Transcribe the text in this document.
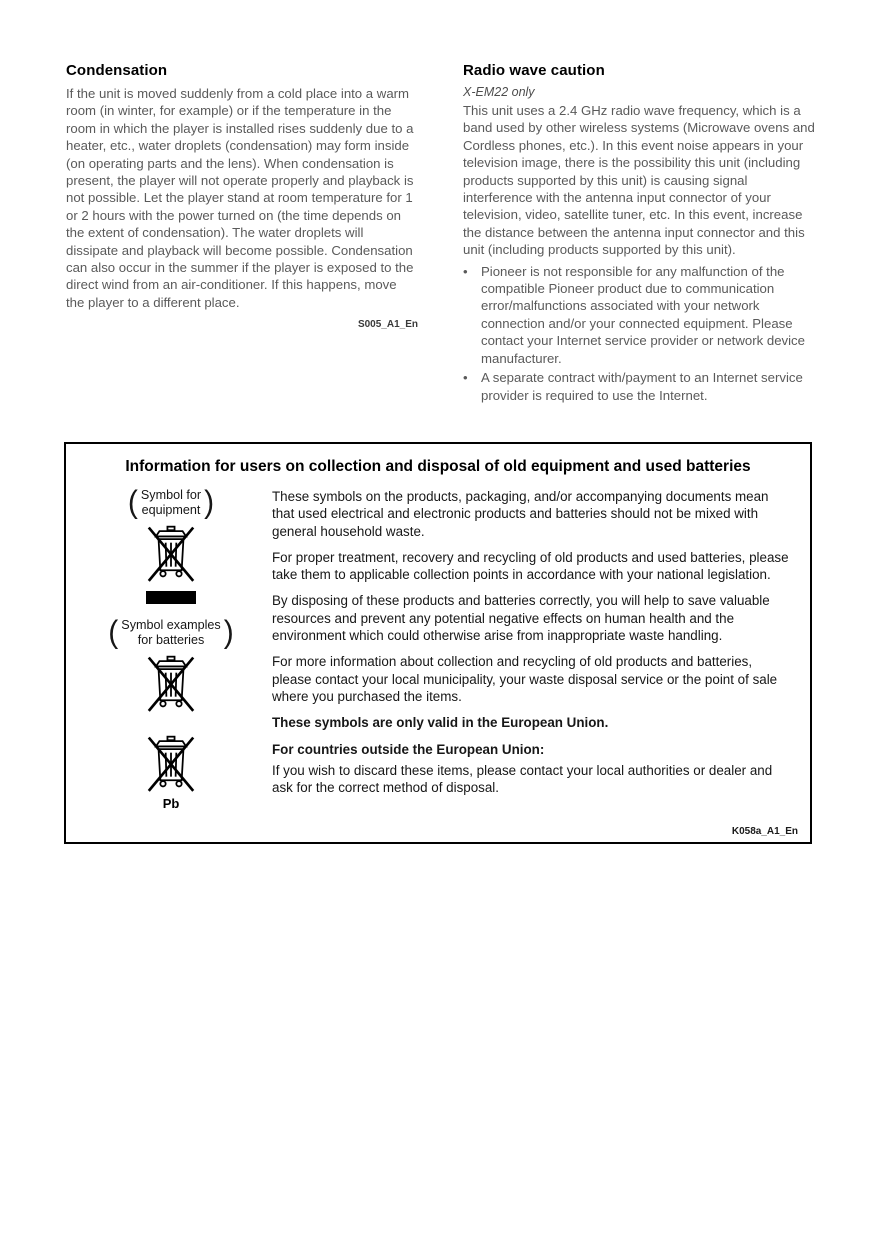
Condensation

If the unit is moved suddenly from a cold place into a warm room (in winter, for example) or if the temperature in the room in which the player is installed rises suddenly due to a heater, etc., water droplets (condensation) may form inside (on operating parts and the lens). When condensation is present, the player will not operate properly and playback is not possible. Let the player stand at room temperature for 1 or 2 hours with the power turned on (the time depends on the extent of condensation). The water droplets will dissipate and playback will become possible. Condensation can also occur in the summer if the player is exposed to the direct wind from an air-conditioner. If this happens, move the player to a different place.

S005_A1_En
Radio wave caution
X-EM22 only

This unit uses a 2.4 GHz radio wave frequency, which is a band used by other wireless systems (Microwave ovens and Cordless phones, etc.). In this event noise appears in your television image, there is the possibility this unit (including products supported by this unit) is causing signal interference with the antenna input connector of your television, video, satellite tuner, etc. In this event, increase the distance between the antenna input connector and this unit (including products supported by this unit).

•	Pioneer is not responsible for any malfunction of the compatible Pioneer product due to communication error/malfunctions associated with your network connection and/or your connected equipment. Please contact your Internet service provider or network device manufacturer.
•	A separate contract with/payment to an Internet service provider is required to use the Internet.
Information for users on collection and disposal of old equipment and used batteries
( Symbol for
equipment )
( Symbol examples
for batteries )
Pb

These symbols on the products, packaging, and/or accompanying documents mean that used electrical and electronic products and batteries should not be mixed with general household waste.

For proper treatment, recovery and recycling of old products and used batteries, please take them to applicable collection points in accordance with your national legislation.

By disposing of these products and batteries correctly, you will help to save valuable resources and prevent any potential negative effects on human health and the environment which could otherwise arise from inappropriate waste handling.

For more information about collection and recycling of old products and batteries, please contact your local municipality, your waste disposal service or the point of sale where you purchased the items.

These symbols are only valid in the European Union.

For countries outside the European Union:

If you wish to discard these items, please contact your local authorities or dealer and ask for the correct method of disposal.

K058a_A1_En
